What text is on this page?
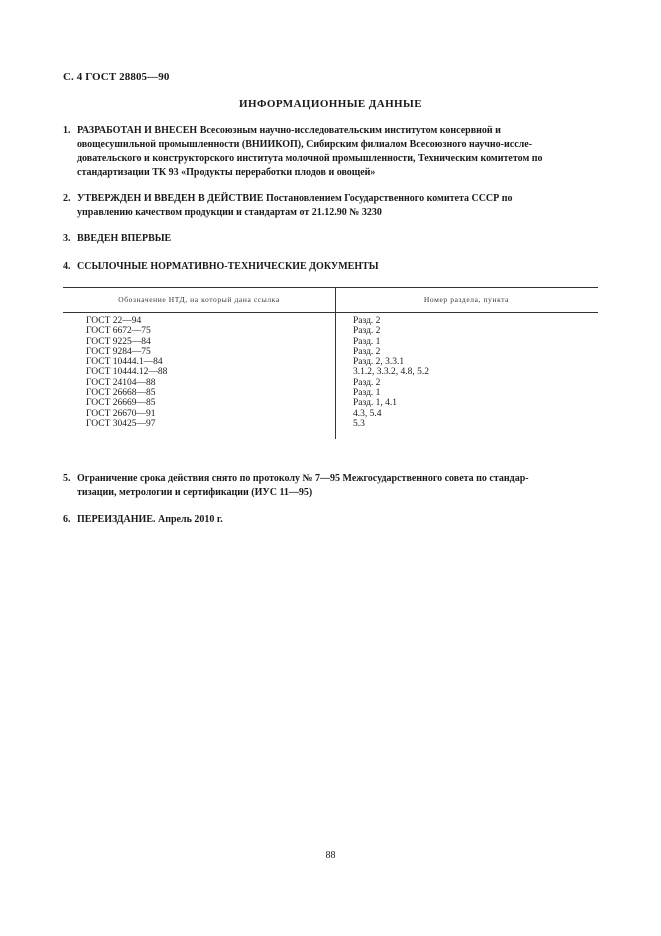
С. 4 ГОСТ 28805—90
ИНФОРМАЦИОННЫЕ ДАННЫЕ
1. РАЗРАБОТАН И ВНЕСЕН Всесоюзным научно-исследовательским институтом консервной и
овощесушильной промышленности (ВНИИКОП), Сибирским филиалом Всесоюзного научно-иссле-
довательского и конструкторского института молочной промышленности, Техническим комитетом по
стандартизации ТК 93 «Продукты переработки плодов и овощей»
2. УТВЕРЖДЕН И ВВЕДЕН В ДЕЙСТВИЕ Постановлением Государственного комитета СССР по
управлению качеством продукции и стандартам от 21.12.90 № 3230
3. ВВЕДЕН ВПЕРВЫЕ
4. ССЫЛОЧНЫЕ НОРМАТИВНО-ТЕХНИЧЕСКИЕ ДОКУМЕНТЫ
Обозначение НТД, на который дана ссылка	Номер раздела, пункта
ГОСТ 22—94	Разд. 2
ГОСТ 6672—75	Разд. 2
ГОСТ 9225—84	Разд. 1
ГОСТ 9284—75	Разд. 2
ГОСТ 10444.1—84	Разд. 2, 3.3.1
ГОСТ 10444.12—88	3.1.2, 3.3.2, 4.8, 5.2
ГОСТ 24104—88	Разд. 2
ГОСТ 26668—85	Разд. 1
ГОСТ 26669—85	Разд. 1, 4.1
ГОСТ 26670—91	4.3, 5.4
ГОСТ 30425—97	5.3
5. Ограничение срока действия снято по протоколу № 7—95 Межгосударственного совета по стандар-
тизации, метрологии и сертификации (ИУС 11—95)
6. ПЕРЕИЗДАНИЕ. Апрель 2010 г.
88
